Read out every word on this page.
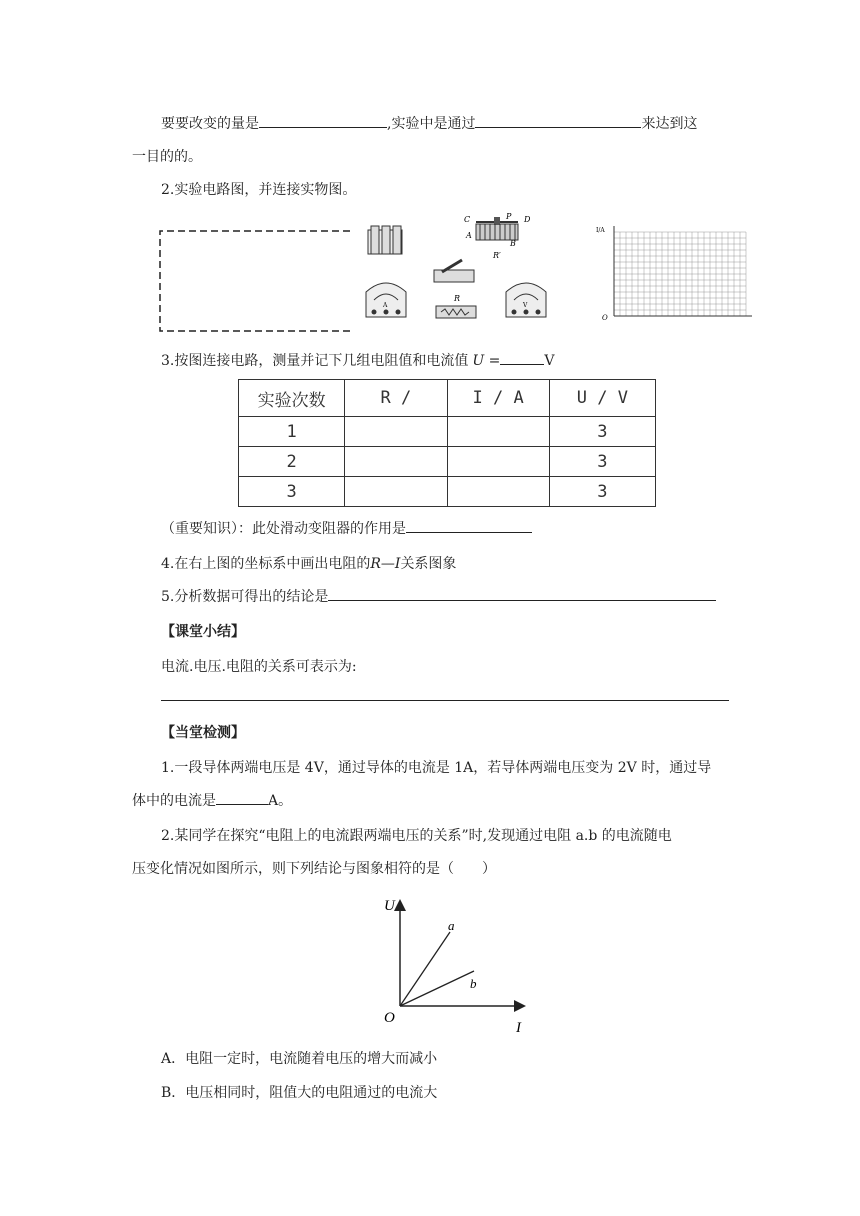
要要改变的量是	,实验中是通过	来达到这
一目的的。
2.实验电路图，并连接实物图。
C	P D
A
B
R′
A
R
V
I/A
O
3.按图连接电路，测量并记下几组电阻值和电流值 U =	V
实验次数	R /	I / A	U / V
1			3
2			3
3			3
（重要知识）：此处滑动变阻器的作用是
4.在右上图的坐标系中画出电阻的R—I关系图象
5.分析数据可得出的结论是
【课堂小结】
电流.电压.电阻的关系可表示为:
【当堂检测】
1.一段导体两端电压是 4V，通过导体的电流是 1A，若导体两端电压变为 2V 时，通过导
体中的电流是	A。
2.某同学在探究“电阻上的电流跟两端电压的关系”时,发现通过电阻 a.b 的电流随电
压变化情况如图所示，则下列结论与图象相符的是（　　）
U
I
O
a
b
A．电阻一定时，电流随着电压的增大而减小
B．电压相同时，阻值大的电阻通过的电流大
